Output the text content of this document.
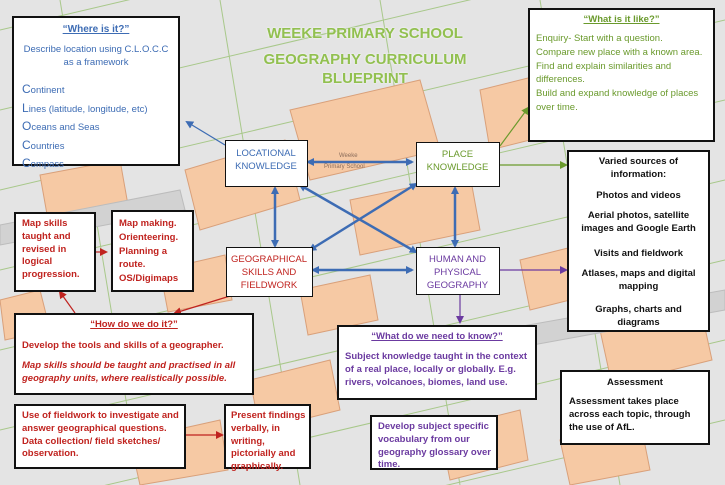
WEEKE PRIMARY SCHOOL
GEOGRAPHY CURRICULUM
BLUEPRINT
Weeke
Primary School
“Where is it?”
Describe location using C.L.O.C.C as a framework
Continent
Lines (latitude, longitude, etc)
Oceans and Seas
Countries
Compass
“What is it like?”
Enquiry- Start with a question.
Compare new place with a known area.
Find and explain similarities and differences.
Build and expand knowledge of places over time.
LOCATIONAL KNOWLEDGE
PLACE KNOWLEDGE
GEOGRAPHICAL SKILLS AND FIELDWORK
HUMAN AND PHYSICAL GEOGRAPHY
Varied sources of information:
Photos and videos
Aerial photos, satellite images and Google Earth
Visits and fieldwork
Atlases, maps and digital mapping
Graphs, charts and diagrams
Map skills taught and revised in logical progression.
Map making. Orienteering. Planning a route. OS/Digimaps
“How do we do it?”
Develop the tools and skills of a geographer.
Map skills should be taught and practised in all geography units, where realistically possible.
Use of fieldwork to investigate and answer geographical questions. Data collection/ field sketches/ observation.
Present findings verbally, in writing, pictorially and graphically.
“What do we need to know?”
Subject knowledge taught in the context of a real place, locally or globally. E.g. rivers, volcanoes, biomes, land use.
Develop subject specific vocabulary from our geography glossary over time.
Assessment
Assessment takes place across each topic, through the use of AfL.
